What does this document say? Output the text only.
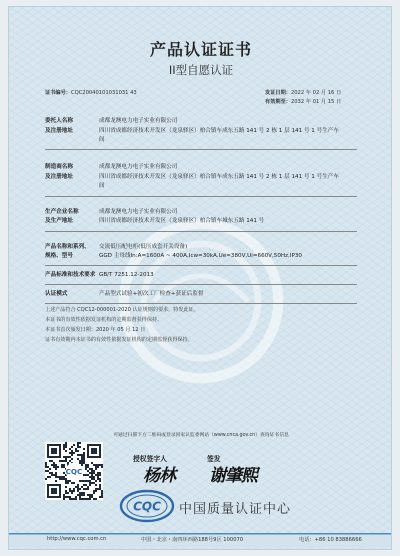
产品认证证书
II型自愿认证
证书编号：CQC20040101031031 43	发证日期：2022 年 02 月 16 日
有效期至：2032 年 01 月 15 日
委托人名称	成都龙澳电力电子实业有限公司
及注册地址	四川省成都经济技术开发区（龙泉驿区）柏合镇车成东五路 141 号 2 栋 1 层 141 号 1 号生产车
间
制造商名称	成都龙澳电力电子实业有限公司
及注册地址	四川省成都经济技术开发区（龙泉驿区）柏合镇车成东五路 141 号 2 栋 1 层 141 号 1 号生产车
间
生产企业名称	成都龙澳电力电子实业有限公司
及生产地址	四川省成都经济技术开发区（龙泉驿区）柏合镇车城东五路 141 号
产品名称和系列、 交流低压配电柜(低压成套开关设备)
规格、型号	GGD 主母线In:A=1600A ~ 400A,Icw=30kA,Ue=380V,Ui=660V,50Hz,IP30
产品标准和技术要求 GB/T 7251.12-2013
认证模式	产品型式试验+初次工厂检查+获证后监督
上述产品符合 CQC12-000001-2020 认证规则的要求，特发此证。
本证书的有效性依据发证机构的定期监督获得保持。
本证书首次颁发日期：2020 年 05 月 12 日
证书有效期内本证书的有效性依据发证机构的定期监督获得保持。
可通过扫描下方二维码或登录国家认监委网站（www.cnca.gov.cn）查询证书信息
CQC
授权签字人
杨林
签发
谢肇熙
CQC 中国质量认证中心
http://www.cqc.com.cn	中国・北京・南四环西路188号9区 100070	电话：+86 10 83886666
